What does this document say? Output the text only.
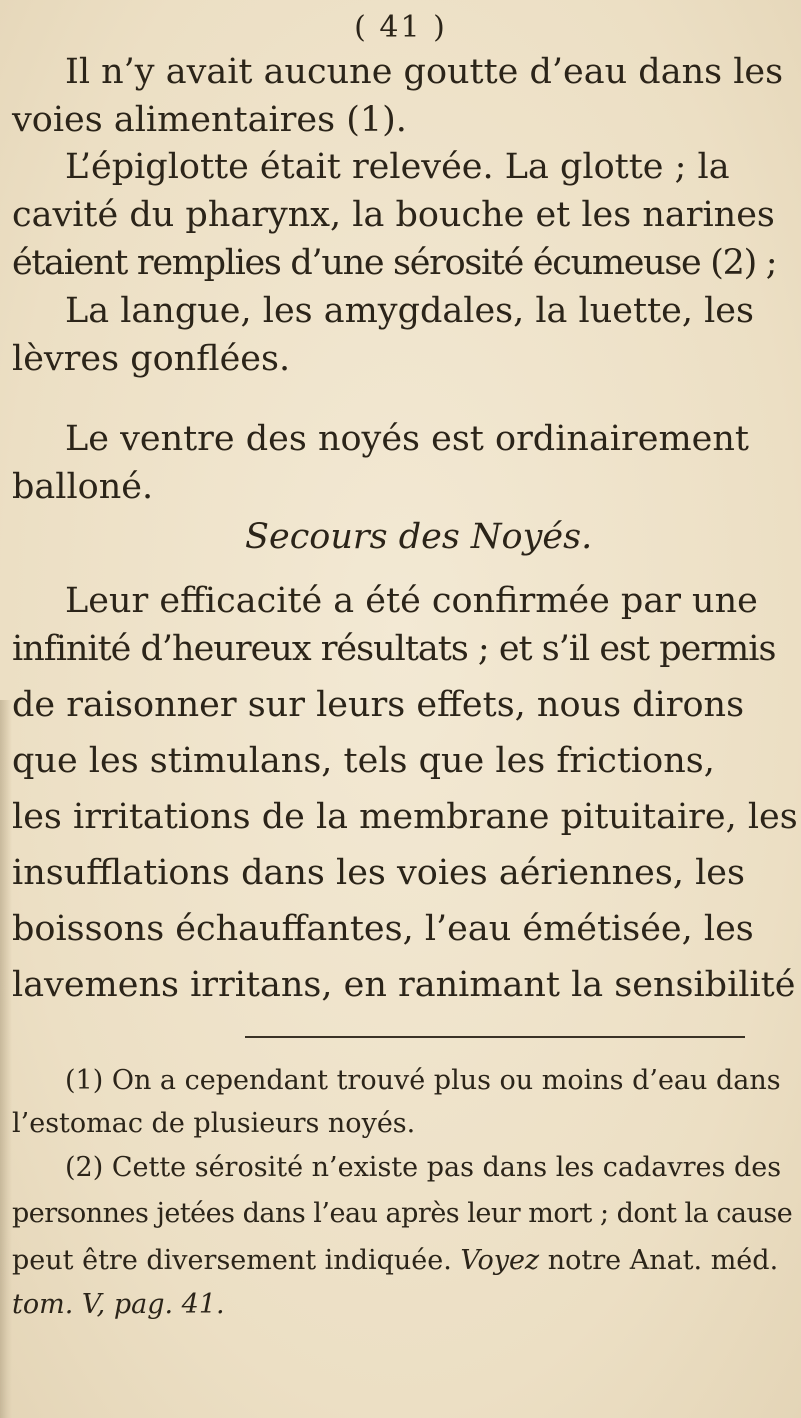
( 41 )
Il n’y avait aucune goutte d’eau dans les
voies alimentaires (1).
L’épiglotte était relevée. La glotte ; la
cavité du pharynx, la bouche et les narines
étaient remplies d’une sérosité écumeuse (2) ;
La langue, les amygdales, la luette, les
lèvres gonflées.
Le ventre des noyés est ordinairement
balloné.
Secours des Noyés.
Leur efficacité a été confirmée par une
infinité d’heureux résultats ; et s’il est permis
de raisonner sur leurs effets, nous dirons
que les stimulans, tels que les frictions,
les irritations de la membrane pituitaire, les
insufflations dans les voies aériennes, les
boissons échauffantes, l’eau émétisée, les
lavemens irritans, en ranimant la sensibilité
(1) On a cependant trouvé plus ou moins d’eau dans
l’estomac de plusieurs noyés.
(2) Cette sérosité n’existe pas dans les cadavres des
personnes jetées dans l’eau après leur mort ; dont la cause
peut être diversement indiquée. Voyez notre Anat. méd.
tom. V, pag. 41.
